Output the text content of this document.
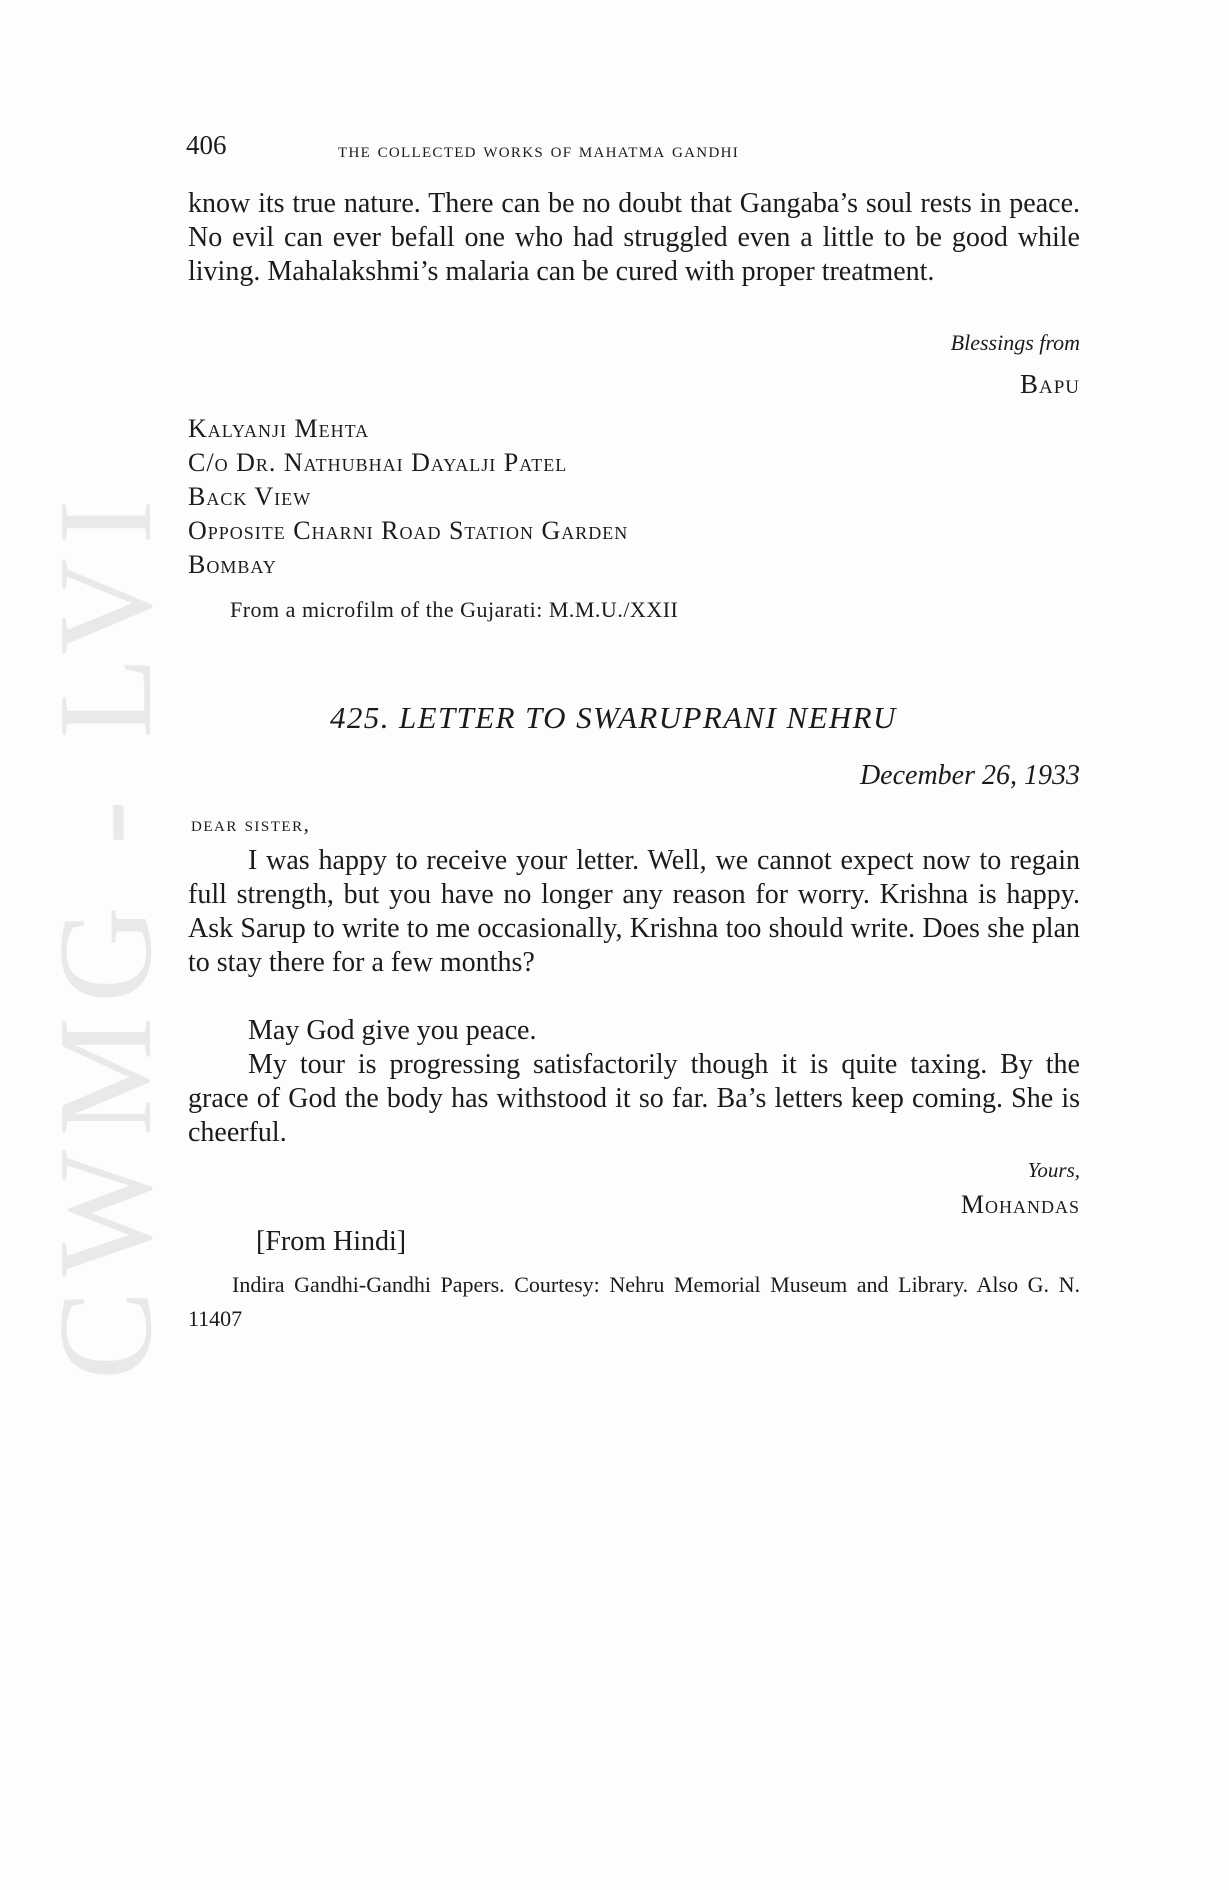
CWMG - LVI
406	the collected works of mahatma gandhi

know its true nature. There can be no doubt that Gangaba’s soul rests in peace. No evil can ever befall one who had struggled even a little to be good while living. Mahalakshmi’s malaria can be cured with proper treatment.

Blessings from
Bapu
Kalyanji Mehta
C/o Dr. Nathubhai Dayalji Patel
Back View
Opposite Charni Road Station Garden
Bombay
From a microfilm of the Gujarati: M.M.U./XXII
425. LETTER TO SWARUPRANI NEHRU
December 26, 1933
dear sister,

I was happy to receive your letter. Well, we cannot expect now to regain full strength, but you have no longer any reason for worry. Krishna is happy. Ask Sarup to write to me occasionally, Krishna too should write. Does she plan to stay there for a few months?

May God give you peace.

My tour is progressing satisfactorily though it is quite taxing. By the grace of God the body has withstood it so far. Ba’s letters keep coming. She is cheerful.

Yours,
Mohandas
[From Hindi]

Indira Gandhi-Gandhi Papers. Courtesy: Nehru Memorial Museum and Library. Also G. N. 11407
